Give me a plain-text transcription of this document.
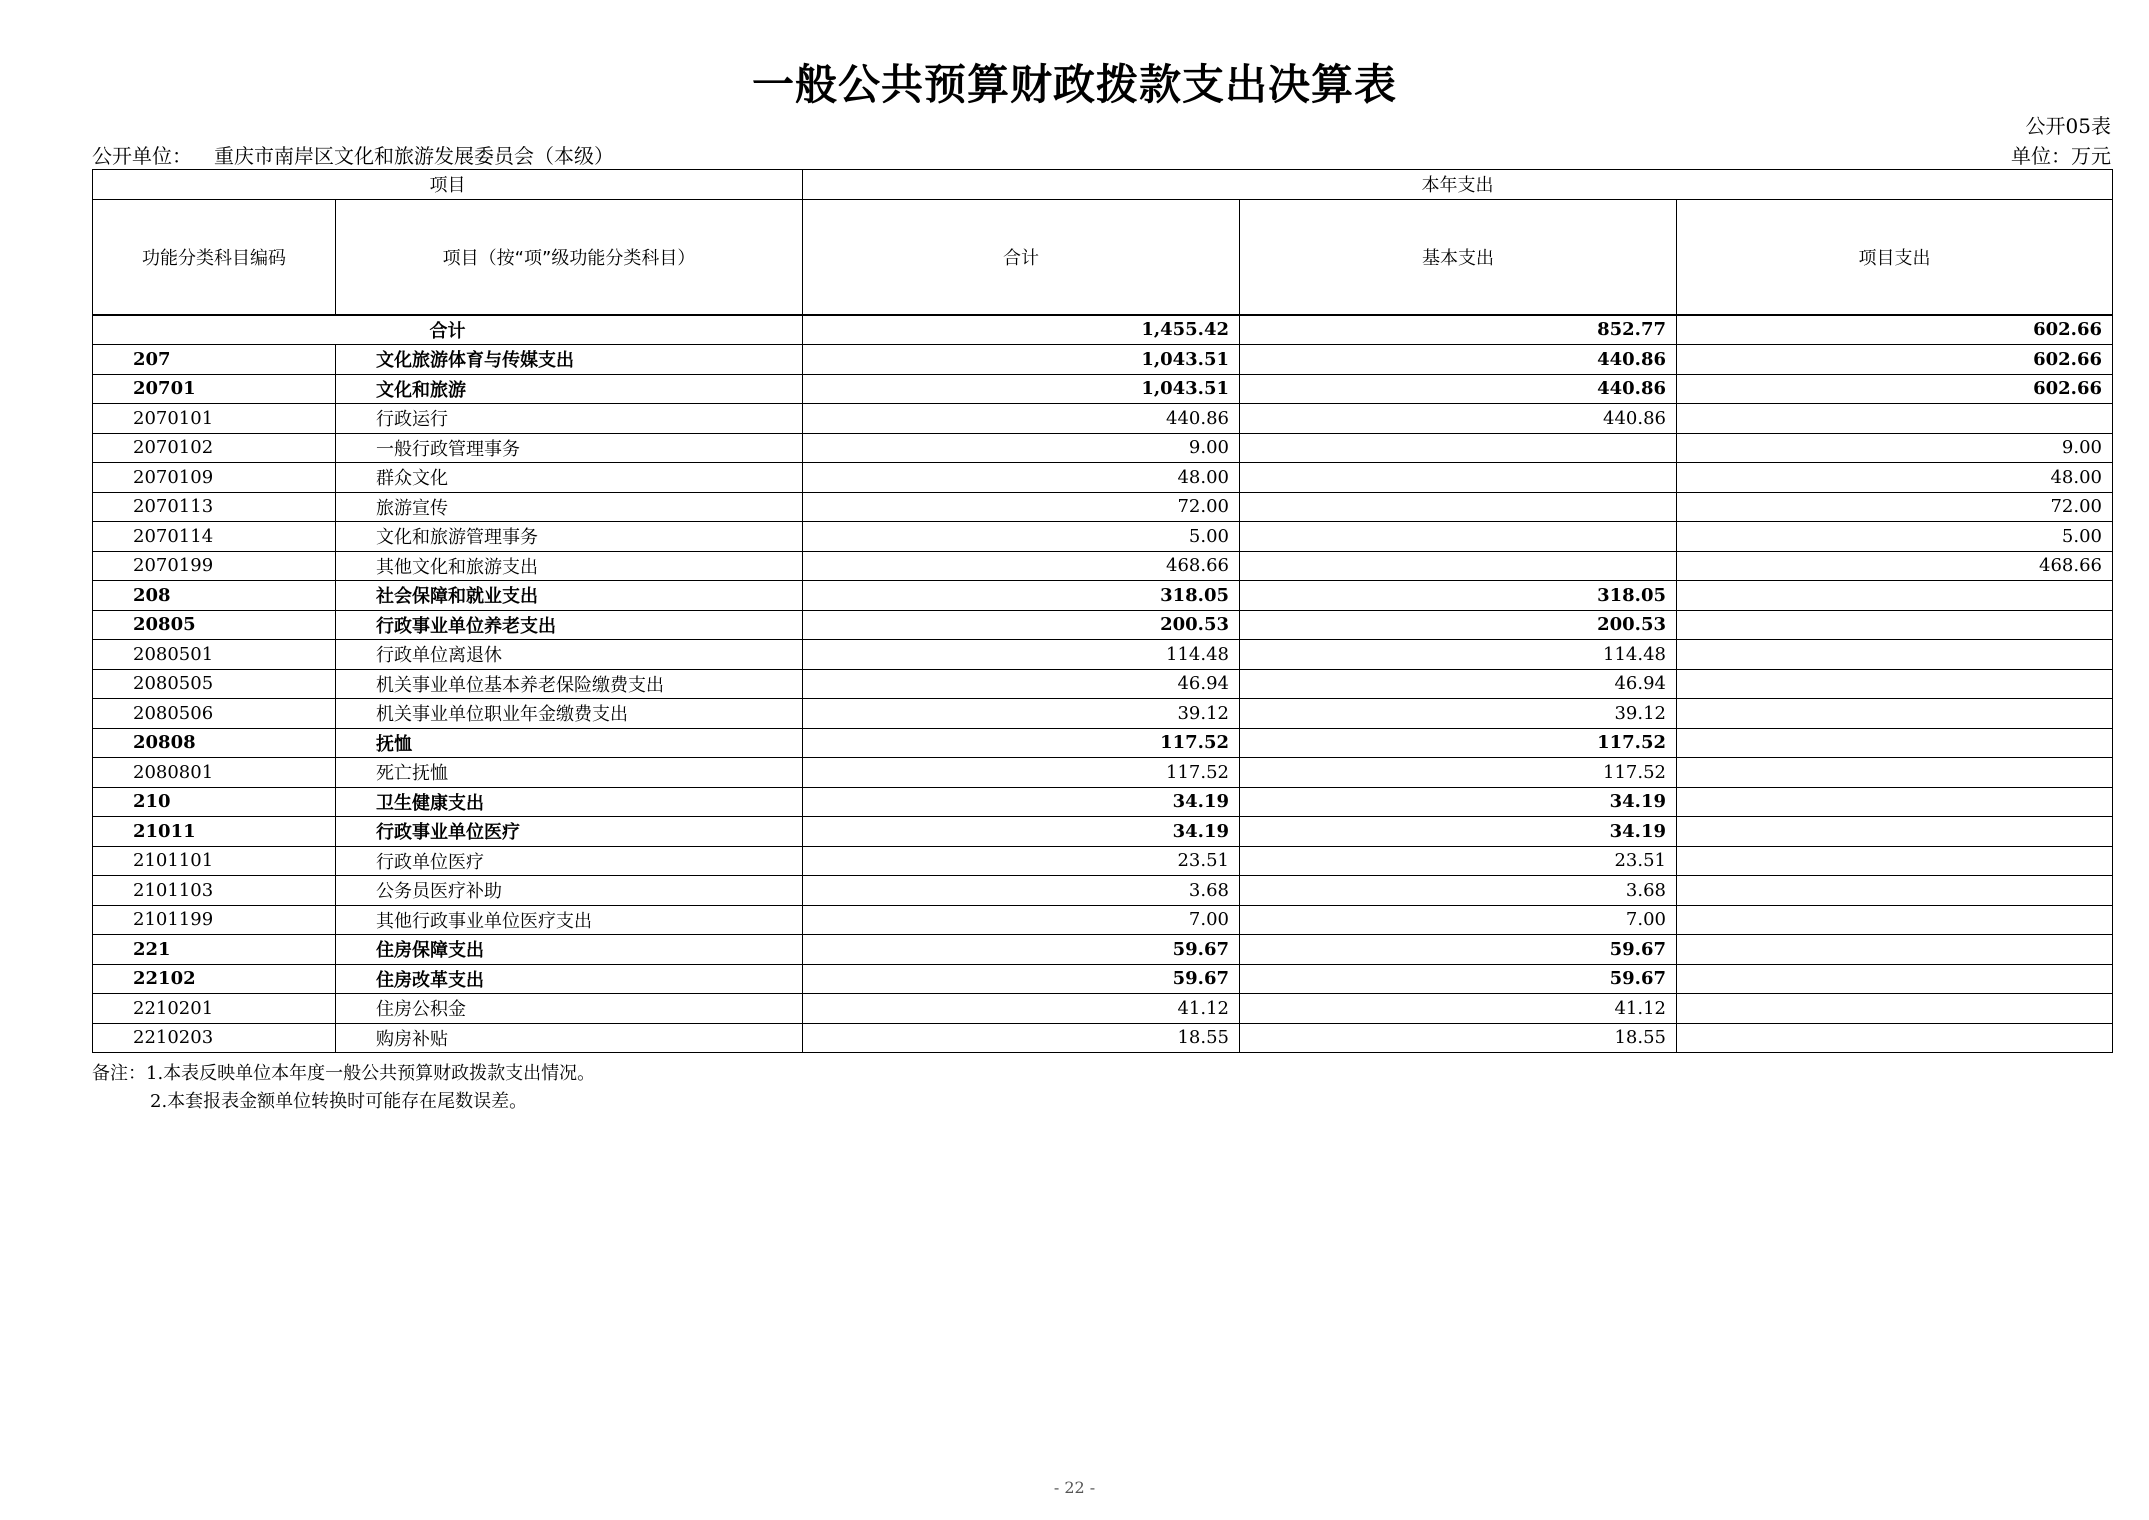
一般公共预算财政拨款支出决算表
公开05表
公开单位： 重庆市南岸区文化和旅游发展委员会（本级）	单位：万元
项目		本年支出		
功能分类科目编码	项目（按“项”级功能分类科目）	合计	基本支出	项目支出
合计		1,455.42	852.77	602.66
207	文化旅游体育与传媒支出	1,043.51	440.86	602.66
20701	文化和旅游	1,043.51	440.86	602.66
2070101	行政运行	440.86	440.86	
2070102	一般行政管理事务	9.00		9.00
2070109	群众文化	48.00		48.00
2070113	旅游宣传	72.00		72.00
2070114	文化和旅游管理事务	5.00		5.00
2070199	其他文化和旅游支出	468.66		468.66
208	社会保障和就业支出	318.05	318.05	
20805	行政事业单位养老支出	200.53	200.53	
2080501	行政单位离退休	114.48	114.48	
2080505	机关事业单位基本养老保险缴费支出	46.94	46.94	
2080506	机关事业单位职业年金缴费支出	39.12	39.12	
20808	抚恤	117.52	117.52	
2080801	死亡抚恤	117.52	117.52	
210	卫生健康支出	34.19	34.19	
21011	行政事业单位医疗	34.19	34.19	
2101101	行政单位医疗	23.51	23.51	
2101103	公务员医疗补助	3.68	3.68	
2101199	其他行政事业单位医疗支出	7.00	7.00	
221	住房保障支出	59.67	59.67	
22102	住房改革支出	59.67	59.67	
2210201	住房公积金	41.12	41.12	
2210203	购房补贴	18.55	18.55	
备注：1.本表反映单位本年度一般公共预算财政拨款支出情况。
2.本套报表金额单位转换时可能存在尾数误差。
- 22 -
